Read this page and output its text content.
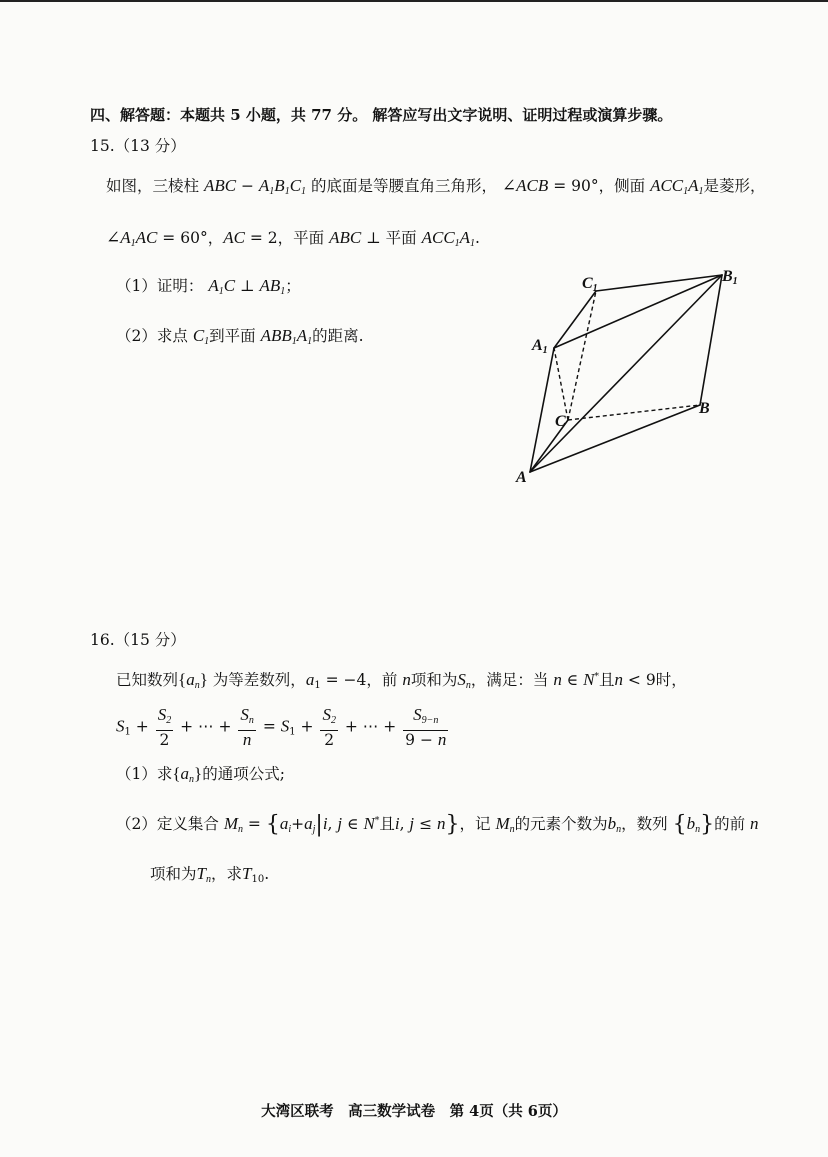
四、解答题：本题共 5 小题，共 77 分。 解答应写出文字说明、证明过程或演算步骤。
15.（13 分）
如图，三棱柱 ABC − $A_1B_1C_1$ 的底面是等腰直角三角形， ∠ACB = 90°，侧面 $ACC_1A_1$是菱形，
$\angle A_1AC = 60^\circ$，AC = 2，平面 ABC ⊥ 平面 $ACC_1A_1$.
（1）证明： $A_1C$ ⊥ $AB_1$；
（2）求点 $C_1$到平面 $ABB_1A_1$的距离.
C1
B1
A1
C
B
A
16.（15 分）
已知数列$\{a_n\}$ 为等差数列，$a_1 = -4$，前 n项和为$S_n$，满足：当 n ∈ N*且n < 9时，
$S_1 + \frac{S_2}{2}$ + ⋯ + $\frac{S_n}{n} = S_1 + \frac{S_2}{2}$ + ⋯ + $\frac{S_{9-n}}{9 - n}$
（1）求$\{a_n\}$的通项公式;
（2）定义集合 $M_n = \{a_i+a_j|i$, j ∈ N*且i, j ≤ n}，记 $M_n$的元素个数为$b_n$，数列 $\{b_n\}$的前 n
项和为$T_n$，求$T_{10}$.
大湾区联考　高三数学试卷　第 4页（共 6页）
